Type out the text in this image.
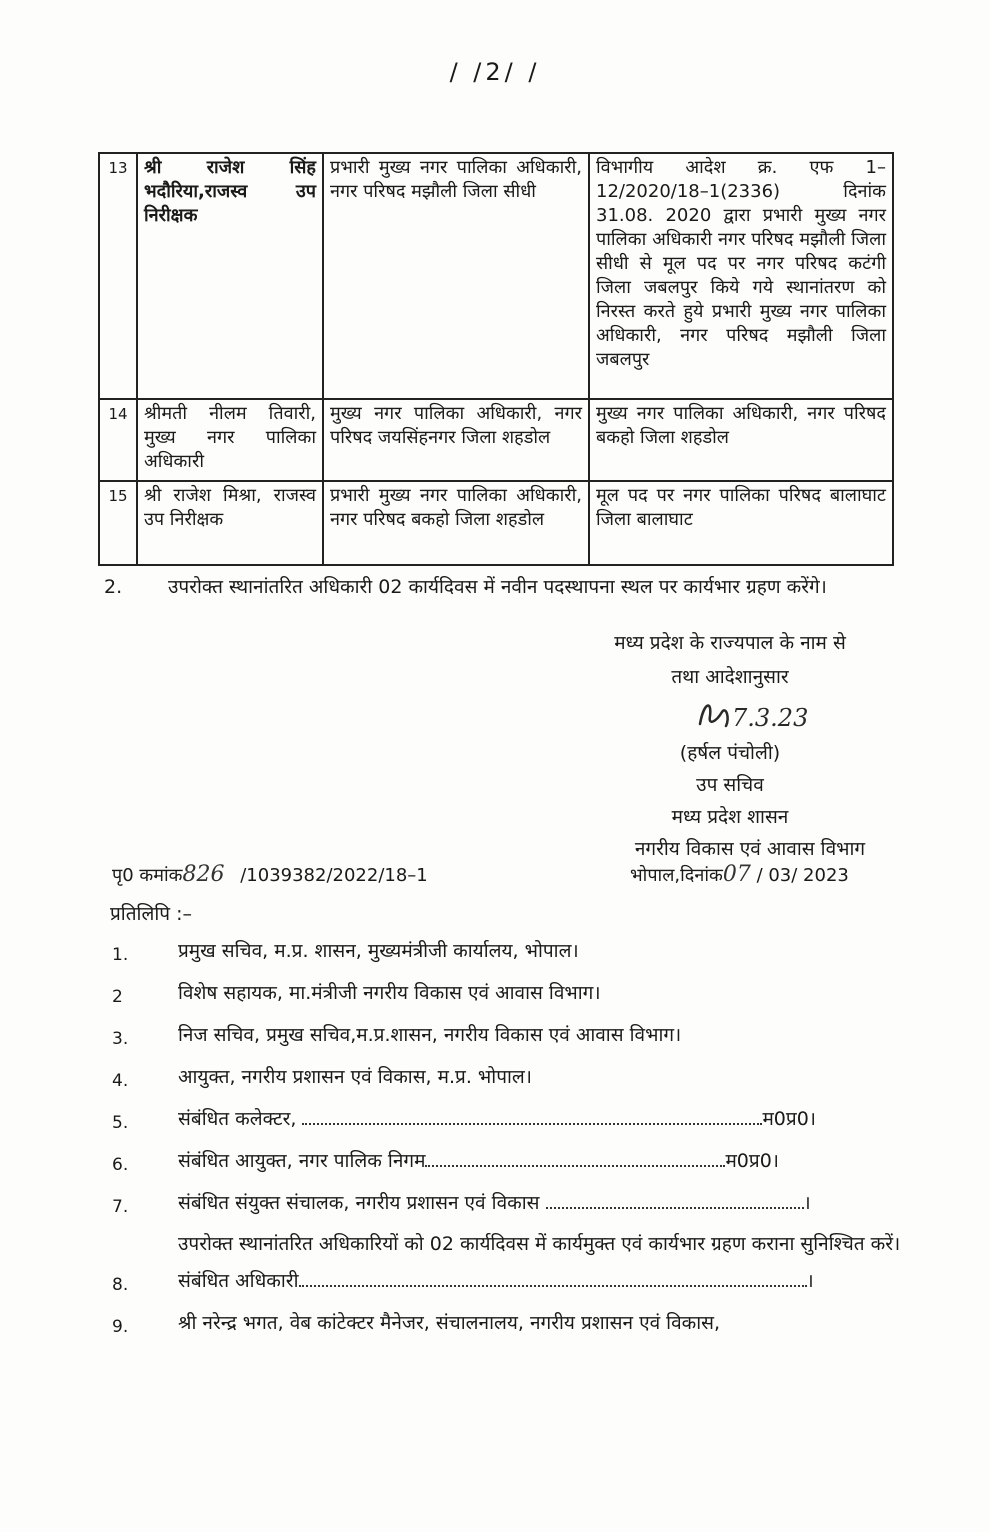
/ /2/ /
13	श्री राजेश सिंह भदौरिया,राजस्व उप निरीक्षक	प्रभारी मुख्य नगर पालिका अधिकारी, नगर परिषद मझौली जिला सीधी	विभागीय आदेश क्र. एफ 1–12/2020/18–1(2336) दिनांक 31.08. 2020 द्वारा प्रभारी मुख्य नगर पालिका अधिकारी नगर परिषद मझौली जिला सीधी से मूल पद पर नगर परिषद कटंगी जिला जबलपुर किये गये स्थानांतरण को निरस्त करते हुये प्रभारी मुख्य नगर पालिका अधिकारी, नगर परिषद मझौली जिला जबलपुर
14	श्रीमती नीलम तिवारी, मुख्य नगर पालिका अधिकारी	मुख्य नगर पालिका अधिकारी, नगर परिषद जयसिंहनगर जिला शहडोल	मुख्य नगर पालिका अधिकारी, नगर परिषद बकहो जिला शहडोल
15	श्री राजेश मिश्रा, राजस्व उप निरीक्षक	प्रभारी मुख्य नगर पालिका अधिकारी, नगर परिषद बकहो जिला शहडोल	मूल पद पर नगर पालिका परिषद बालाघाट जिला बालाघाट
2. उपरोक्त स्थानांतरित अधिकारी 02 कार्यदिवस में नवीन पदस्थापना स्थल पर कार्यभार ग्रहण करेंगे।
मध्य प्रदेश के राज्यपाल के नाम से
तथा आदेशानुसार
7.3.23
(हर्षल पंचोली)
उप सचिव
मध्य प्रदेश शासन
नगरीय विकास एवं आवास विभाग
पृ0 कमांक826 /1039382/2022/18–1	भोपाल,दिनांक07 / 03/ 2023
प्रतिलिपि :–
1.	प्रमुख सचिव, म.प्र. शासन, मुख्यमंत्रीजी कार्यालय, भोपाल।
2	विशेष सहायक, मा.मंत्रीजी नगरीय विकास एवं आवास विभाग।
3.	निज सचिव, प्रमुख सचिव,म.प्र.शासन, नगरीय विकास एवं आवास विभाग।
4.	आयुक्त, नगरीय प्रशासन एवं विकास, म.प्र. भोपाल।
5.	संबंधित कलेक्टर,	म0प्र0।
6.	संबंधित आयुक्त, नगर पालिक निगम	म0प्र0।
7.	संबंधित संयुक्त संचालक, नगरीय प्रशासन एवं विकास	।
उपरोक्त स्थानांतरित अधिकारियों को 02 कार्यदिवस में कार्यमुक्त एवं कार्यभार ग्रहण कराना सुनिश्चित करें।
8.	संबंधित अधिकारी	।
9.	श्री नरेन्द्र भगत, वेब कांटेक्टर मैनेजर, संचालनालय, नगरीय प्रशासन एवं विकास,
